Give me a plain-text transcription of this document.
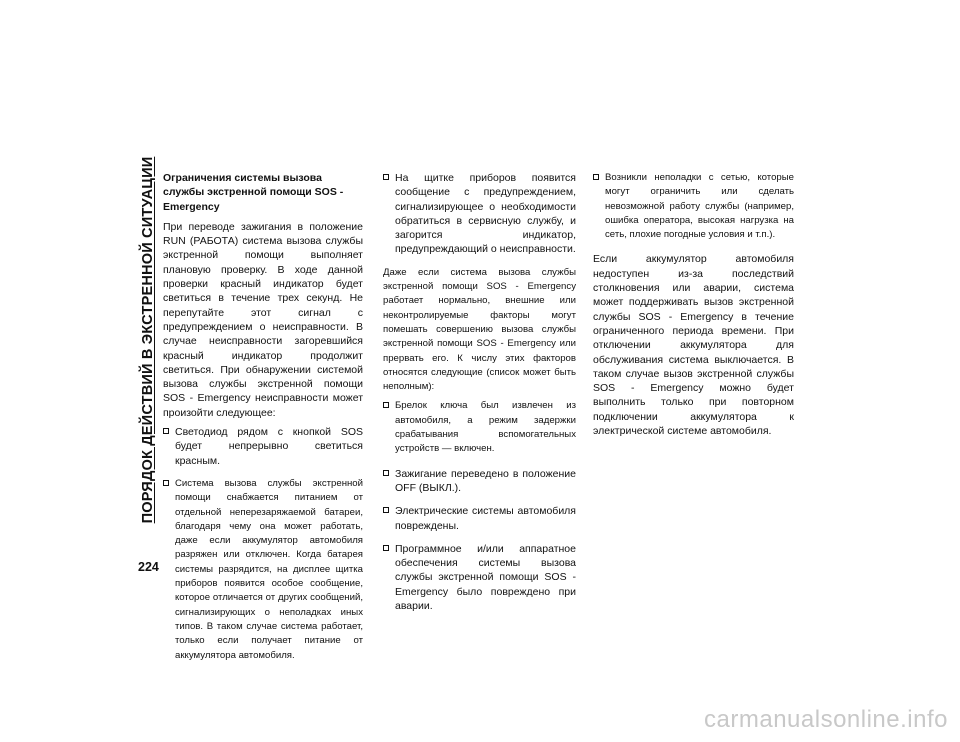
ПОРЯДОК ДЕЙСТВИЙ В ЭКСТРЕННОЙ СИТУАЦИИ
224
Ограничения системы вызова службы экстренной помощи SOS - Emergency

При переводе зажигания в положение RUN (РАБОТА) система вызова службы экстренной помощи выполняет плановую проверку. В ходе данной проверки красный индикатор будет светиться в течение трех секунд. Не перепутайте этот сигнал с предупреждением о неисправности. В случае неисправности загоревшийся красный индикатор продолжит светиться. При обнаружении системой вызова службы экстренной помощи SOS - Emergency неисправности может произойти следующее:

Светодиод рядом с кнопкой SOS будет непрерывно светиться красным.
Система вызова службы экстренной помощи снабжается питанием от отдельной неперезаряжаемой батареи, благодаря чему она может работать, даже если аккумулятор автомобиля разряжен или отключен. Когда батарея системы разрядится, на дисплее щитка приборов появится особое сообщение, которое отличается от других сообщений, сигнализирующих о неполадках иных типов. В таком случае система работает, только если получает питание от аккумулятора автомобиля.
На щитке приборов появится сообщение с предупреждением, сигнализирующее о необходимости обратиться в сервисную службу, и загорится индикатор, предупреждающий о неисправности.

Даже если система вызова службы экстренной помощи SOS - Emergency работает нормально, внешние или неконтролируемые факторы могут помешать совершению вызова службы экстренной помощи SOS - Emergency или прервать его. К числу этих факторов относятся следующие (список может быть неполным):

Брелок ключа был извлечен из автомобиля, а режим задержки срабатывания вспомогательных устройств — включен.
Зажигание переведено в положение OFF (ВЫКЛ.).
Электрические системы автомобиля повреждены.
Программное и/или аппаратное обеспечения системы вызова службы экстренной помощи SOS - Emergency было повреждено при аварии.
Возникли неполадки с сетью, которые могут ограничить или сделать невозможной работу службы (например, ошибка оператора, высокая нагрузка на сеть, плохие погодные условия и т.п.).

Если аккумулятор автомобиля недоступен из-за последствий столкновения или аварии, система может поддерживать вызов экстренной службы SOS - Emergency в течение ограниченного периода времени. При отключении аккумулятора для обслуживания система выключается. В таком случае вызов экстренной службы SOS - Emergency можно будет выполнить только при повторном подключении аккумулятора к электрической системе автомобиля.

carmanualsonline.info
